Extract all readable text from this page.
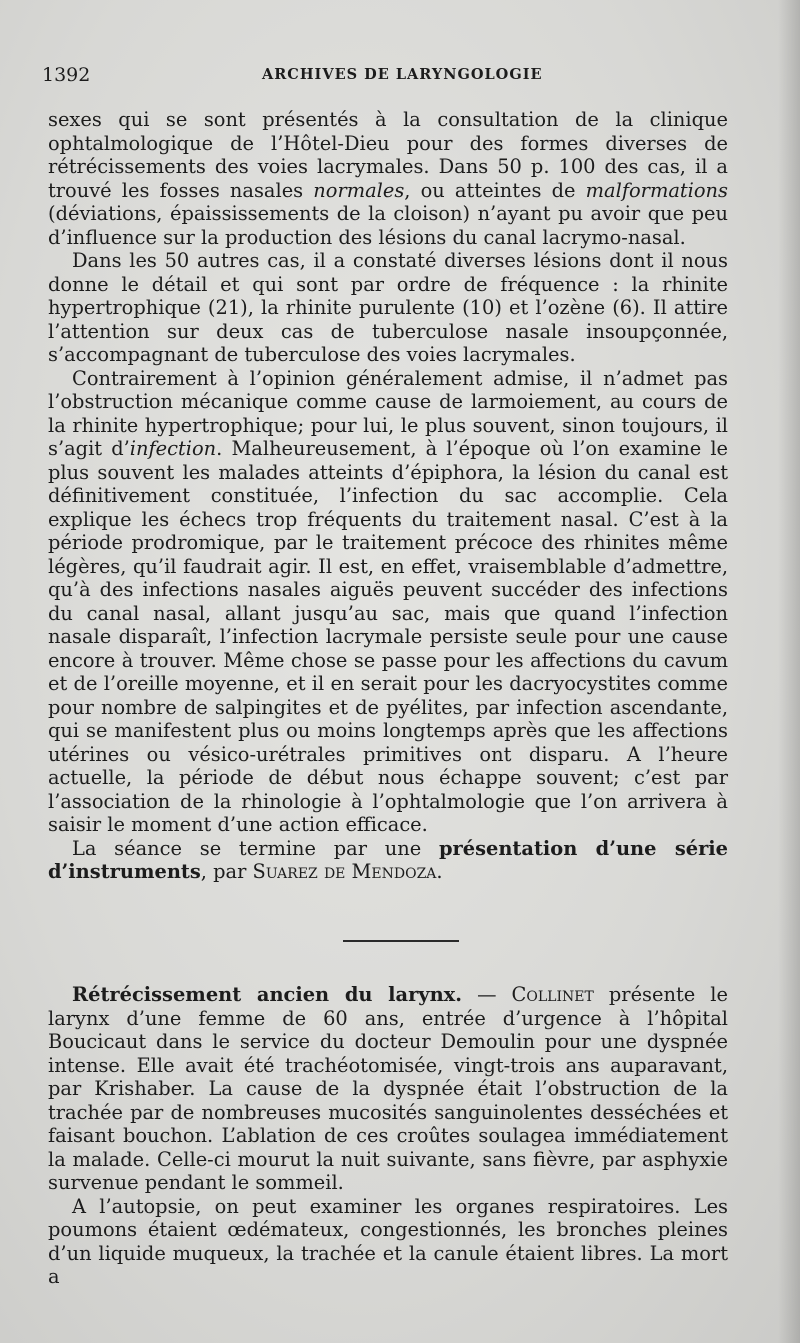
1392	ARCHIVES DE LARYNGOLOGIE

sexes qui se sont présentés à la consultation de la clinique ophtalmologique de l’Hôtel-Dieu pour des formes diverses de rétrécissements des voies lacrymales. Dans 50 p. 100 des cas, il a trouvé les fosses nasales normales, ou atteintes de malformations (déviations, épaississements de la cloison) n’ayant pu avoir que peu d’influence sur la production des lésions du canal lacrymo-nasal.

Dans les 50 autres cas, il a constaté diverses lésions dont il nous donne le détail et qui sont par ordre de fréquence : la rhinite hypertrophique (21), la rhinite purulente (10) et l’ozène (6). Il attire l’attention sur deux cas de tuberculose nasale insoupçonnée, s’accompagnant de tuberculose des voies lacrymales.

Contrairement à l’opinion généralement admise, il n’admet pas l’obstruction mécanique comme cause de larmoiement, au cours de la rhinite hypertrophique; pour lui, le plus souvent, sinon toujours, il s’agit d’infection. Malheureusement, à l’époque où l’on examine le plus souvent les malades atteints d’épiphora, la lésion du canal est définitivement constituée, l’infection du sac accomplie. Cela explique les échecs trop fréquents du traitement nasal. C’est à la période prodromique, par le traitement précoce des rhinites même légères, qu’il faudrait agir. Il est, en effet, vraisemblable d’admettre, qu’à des infections nasales aiguës peuvent succéder des infections du canal nasal, allant jusqu’au sac, mais que quand l’infection nasale disparaît, l’infection lacrymale persiste seule pour une cause encore à trouver. Même chose se passe pour les affections du cavum et de l’oreille moyenne, et il en serait pour les dacryocystites comme pour nombre de salpingites et de pyélites, par infection ascendante, qui se manifestent plus ou moins longtemps après que les affections utérines ou vésico-urétrales primitives ont disparu. A l’heure actuelle, la période de début nous échappe souvent; c’est par l’association de la rhinologie à l’ophtalmologie que l’on arrivera à saisir le moment d’une action efficace.

La séance se termine par une présentation d’une série d’instruments, par Suarez de Mendoza.

Rétrécissement ancien du larynx. — Collinet présente le larynx d’une femme de 60 ans, entrée d’urgence à l’hôpital Boucicaut dans le service du docteur Demoulin pour une dyspnée intense. Elle avait été trachéotomisée, vingt-trois ans auparavant, par Krishaber. La cause de la dyspnée était l’obstruction de la trachée par de nombreuses mucosités sanguinolentes desséchées et faisant bouchon. L’ablation de ces croûtes soulagea immédiatement la malade. Celle-ci mourut la nuit suivante, sans fièvre, par asphyxie survenue pendant le sommeil.

A l’autopsie, on peut examiner les organes respiratoires. Les poumons étaient œdémateux, congestionnés, les bronches pleines d’un liquide muqueux, la trachée et la canule étaient libres. La mort a
